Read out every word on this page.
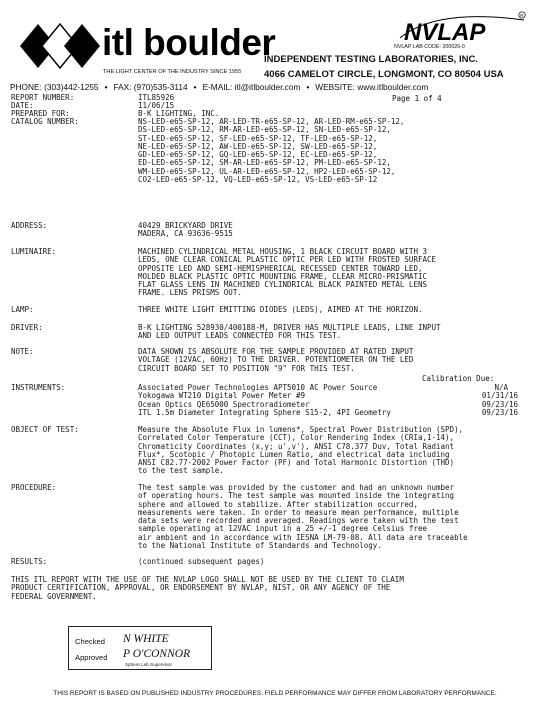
itl boulder
THE LIGHT CENTER OF THE INDUSTRY SINCE 1955
INDEPENDENT TESTING LABORATORIES, INC.
4066 CAMELOT CIRCLE, LONGMONT, CO 80504 USA
NVLAP
R
NVLAP LAB CODE: 200026-0
PHONE: (303)442-1255 • FAX: (970)535-3114 • E-MAIL: itl@itlboulder.com • WEBSITE: www.itlboulder.com
REPORT NUMBER:	ITL85926	Page 1 of 4
DATE:	11/06/15
PREPARED FOR:	B-K LIGHTING, INC.
CATALOG NUMBER:	NS-LED-e65-SP-12, AR-LED-TR-e65-SP-12, AR-LED-RM-e65-SP-12,
DS-LED-e65-SP-12, RM-AR-LED-e65-SP-12, SN-LED-e65-SP-12,
ST-LED-e65-SP-12, SF-LED-e65-SP-12, TF-LED-e65-SP-12,
NE-LED-e65-SP-12, AW-LED-e65-SP-12, SW-LED-e65-SP-12,
GD-LED-e65-SP-12, GQ-LED-e65-SP-12, EC-LED-e65-SP-12,
ED-LED-e65-SP-12, SM-AR-LED-e65-SP-12, PM-LED-e65-SP-12,
WM-LED-e65-SP-12, UL-AR-LED-e65-SP-12, HP2-LED-e65-SP-12,
CO2-LED-e65-SP-12, VQ-LED-e65-SP-12, VS-LED-e65-SP-12
ADDRESS:	40429 BRICKYARD DRIVE
MADERA, CA 93636-9515
LUMINAIRE:	MACHINED CYLINDRICAL METAL HOUSING, 1 BLACK CIRCUIT BOARD WITH 3
LEDS, ONE CLEAR CONICAL PLASTIC OPTIC PER LED WITH FROSTED SURFACE
OPPOSITE LED AND SEMI-HEMISPHERICAL RECESSED CENTER TOWARD LED,
MOLDED BLACK PLASTIC OPTIC MOUNTING FRAME, CLEAR MICRO-PRISMATIC
FLAT GLASS LENS IN MACHINED CYLINDRICAL BLACK PAINTED METAL LENS
FRAME. LENS PRISMS OUT.
LAMP:	THREE WHITE LIGHT EMITTING DIODES (LEDS), AIMED AT THE HORIZON.
DRIVER:	B-K LIGHTING 528930/400188-M, DRIVER HAS MULTIPLE LEADS, LINE INPUT
AND LED OUTPUT LEADS CONNECTED FOR THIS TEST.
NOTE:	DATA SHOWN IS ABSOLUTE FOR THE SAMPLE PROVIDED AT RATED INPUT
VOLTAGE (12VAC, 60Hz) TO THE DRIVER. POTENTIOMETER ON THE LED
CIRCUIT BOARD SET TO POSITION "9" FOR THIS TEST.
Calibration Due:
INSTRUMENTS:	Associated Power Technologies APT5010 AC Power Source	N/A
Yokogawa WT210 Digital Power Meter #9	01/31/16
Ocean Optics QE65000 Spectroradiometer	09/23/16
ITL 1.5m Diameter Integrating Sphere S15-2, 4PI Geometry	09/23/16
OBJECT OF TEST:	Measure the Absolute Flux in lumens*, Spectral Power Distribution (SPD),
Correlated Color Temperature (CCT), Color Rendering Index (CRIa,1-14),
Chromaticity Coordinates (x,y; u',v'), ANSI C78.377 Duv, Total Radiant
Flux*, Scotopic / Photopic Lumen Ratio, and electrical data including
ANSI C82.77-2002 Power Factor (PF) and Total Harmonic Distortion (THD)
to the test sample.
PROCEDURE:	The test sample was provided by the customer and had an unknown number
of operating hours. The test sample was mounted inside the integrating
sphere and allowed to stabilize. After stabilization occurred,
measurements were taken. In order to measure mean performance, multiple
data sets were recorded and averaged. Readings were taken with the test
sample operating at 12VAC input in a 25 +/-1 degree Celsius free
air ambient and in accordance with IESNA LM-79-08. All data are traceable
to the National Institute of Standards and Technology.
RESULTS:	(continued subsequent pages)
THIS ITL REPORT WITH THE USE OF THE NVLAP LOGO SHALL NOT BE USED BY THE CLIENT TO CLAIM
PRODUCT CERTIFICATION, APPROVAL, OR ENDORSEMENT BY NVLAP, NIST, OR ANY AGENCY OF THE
FEDERAL GOVERNMENT.
Checked N WHITE
Approved P O'CONNOR
Sphere Lab Supervisor
THIS REPORT IS BASED ON PUBLISHED INDUSTRY PROCEDURES. FIELD PERFORMANCE MAY DIFFER FROM LABORATORY PERFORMANCE.
